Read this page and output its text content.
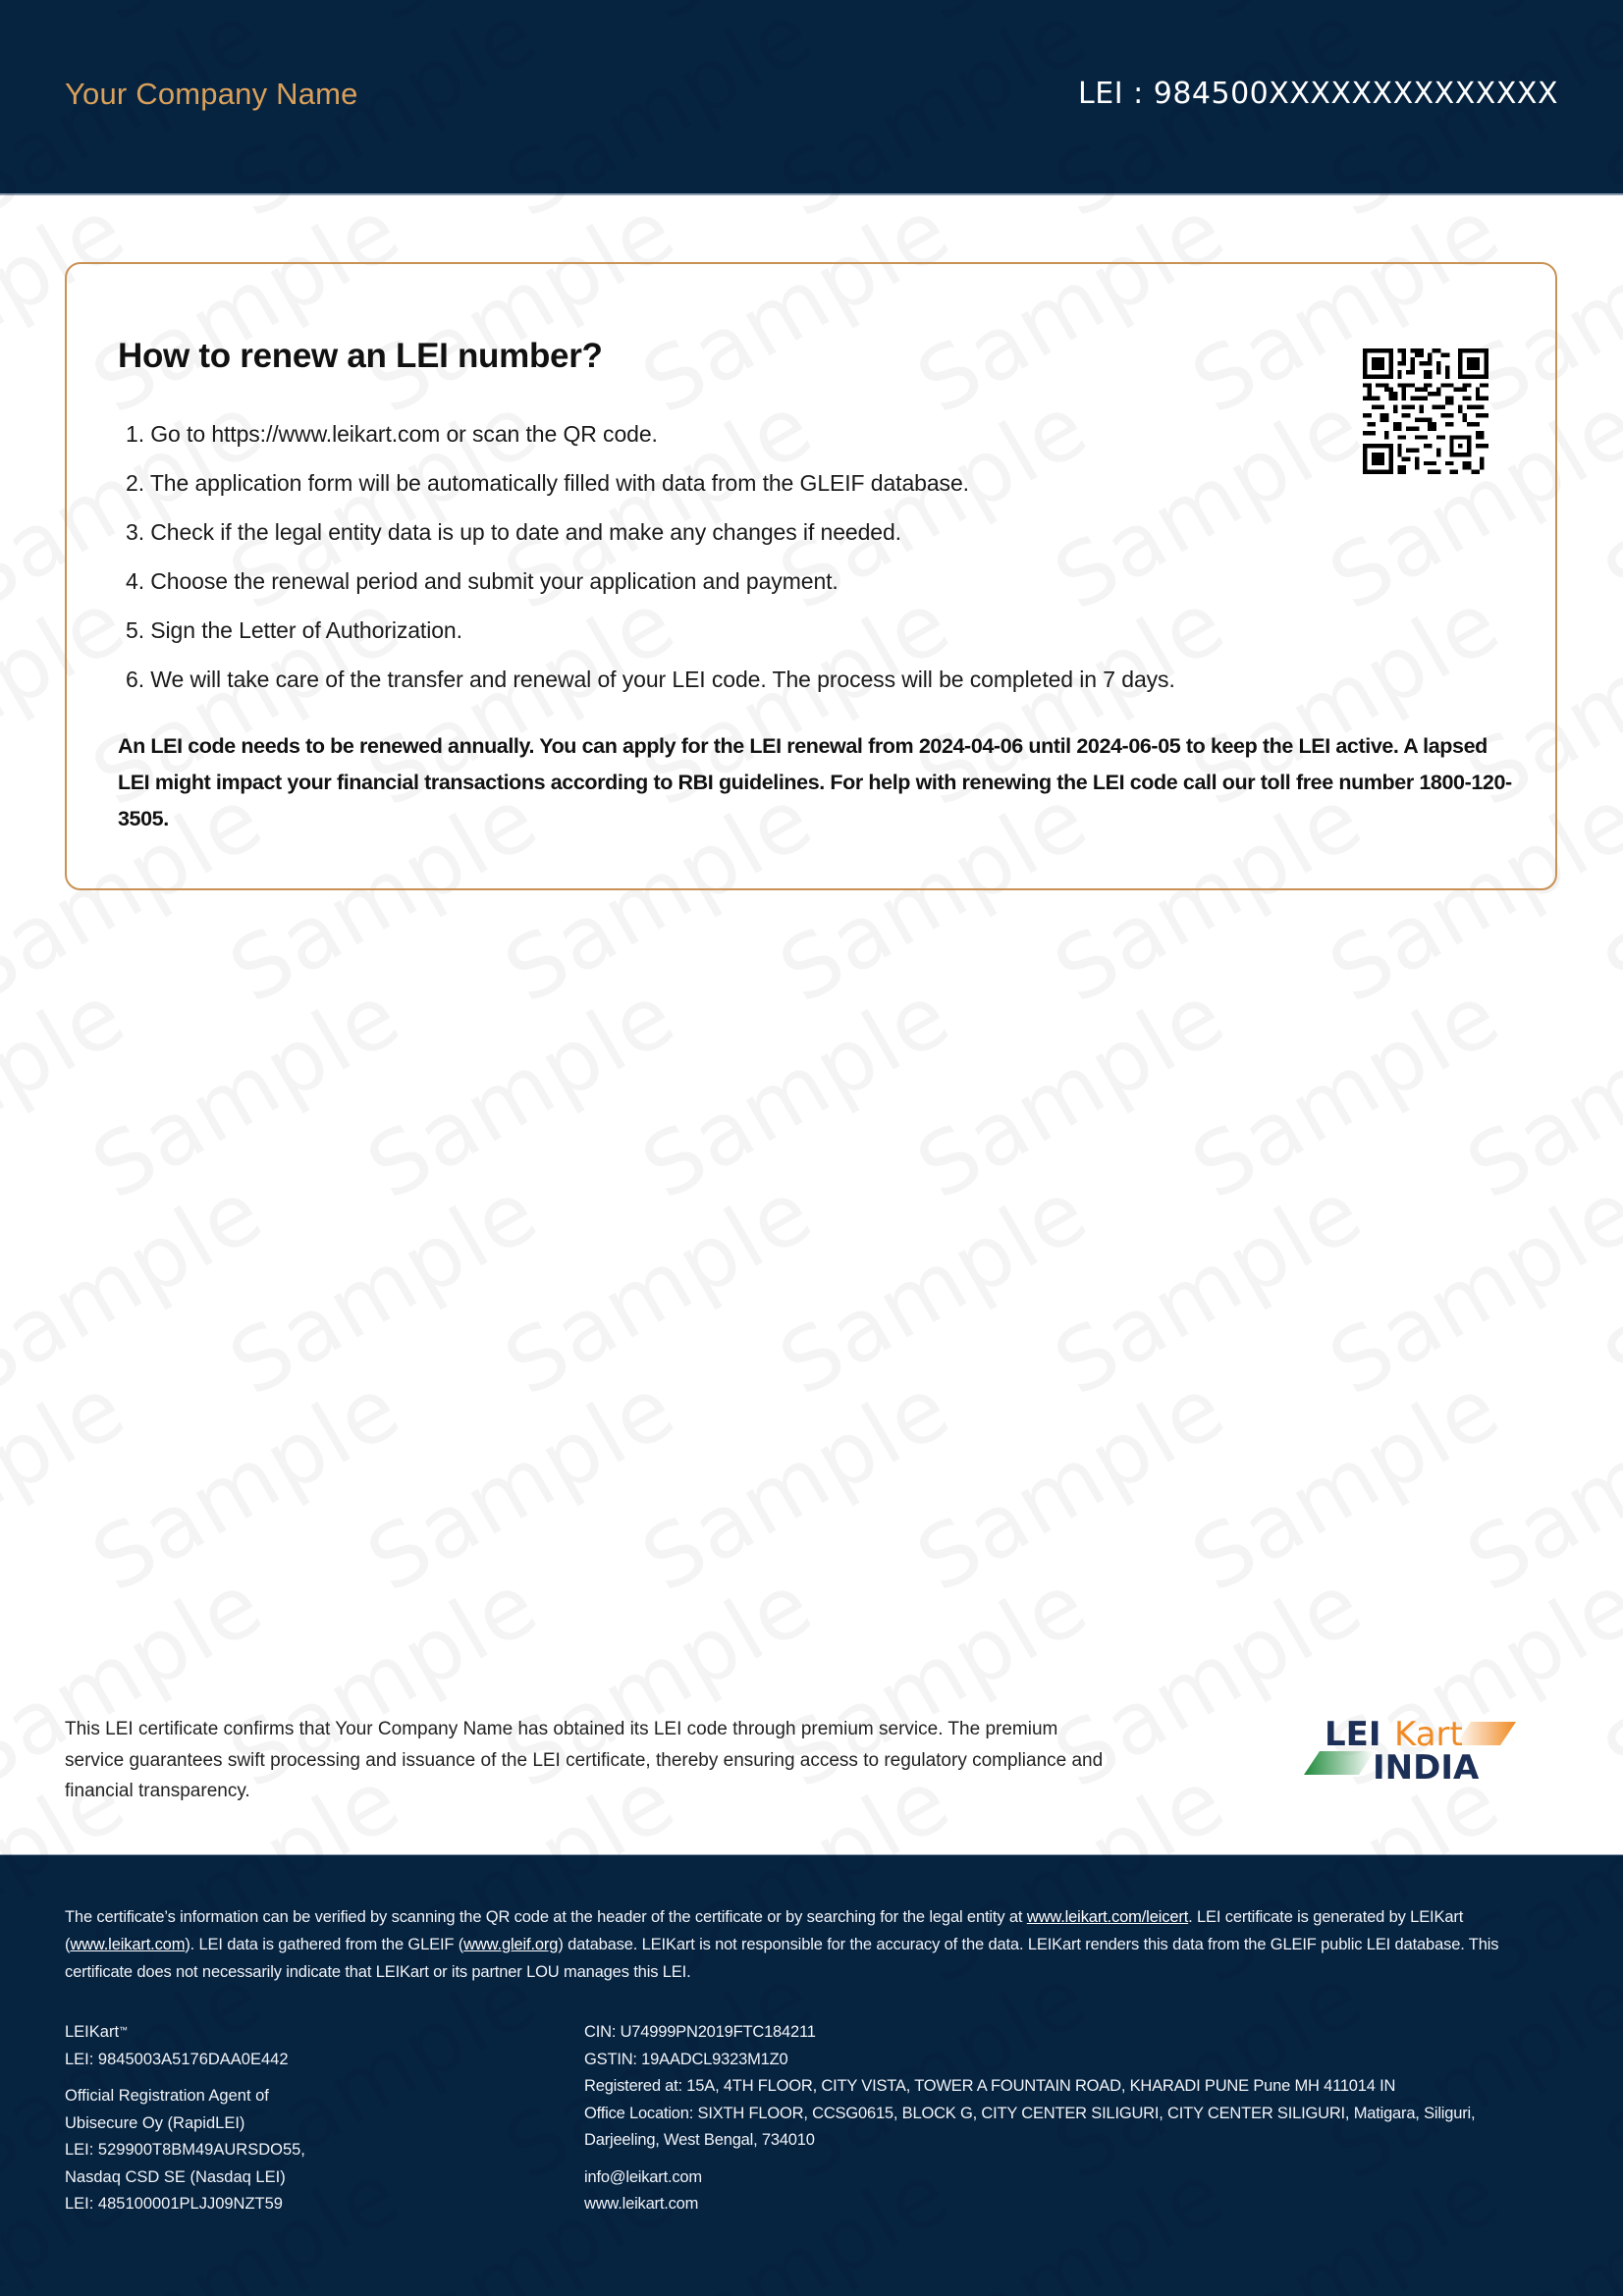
Your Company Name	LEI : 984500XXXXXXXXXXXXXX
How to renew an LEI number?
1. Go to https://www.leikart.com or scan the QR code.
2. The application form will be automatically filled with data from the GLEIF database.
3. Check if the legal entity data is up to date and make any changes if needed.
4. Choose the renewal period and submit your application and payment.
5. Sign the Letter of Authorization.
6. We will take care of the transfer and renewal of your LEI code. The process will be completed in 7 days.
An LEI code needs to be renewed annually. You can apply for the LEI renewal from 2024-04-06 until 2024-06-05 to keep the LEI active. A lapsed LEI might impact your financial transactions according to RBI guidelines. For help with renewing the LEI code call our toll free number 1800-120-3505.
This LEI certificate confirms that Your Company Name has obtained its LEI code through premium service. The premium service guarantees swift processing and issuance of the LEI certificate, thereby ensuring access to regulatory compliance and financial transparency.
LEI Kart
INDIA

The certificate’s information can be verified by scanning the QR code at the header of the certificate or by searching for the legal entity at www.leikart.com/leicert. LEI certificate is generated by LEIKart (www.leikart.com). LEI data is gathered from the GLEIF (www.gleif.org) database. LEIKart is not responsible for the accuracy of the data. LEIKart renders this data from the GLEIF public LEI database. This certificate does not necessarily indicate that LEIKart or its partner LOU manages this LEI.

LEIKart™
LEI: 9845003A5176DAA0E442
Official Registration Agent of
Ubisecure Oy (RapidLEI)
LEI: 529900T8BM49AURSDO55,
Nasdaq CSD SE (Nasdaq LEI)
LEI: 485100001PLJJ09NZT59
CIN: U74999PN2019FTC184211
GSTIN: 19AADCL9323M1Z0
Registered at: 15A, 4TH FLOOR, CITY VISTA, TOWER A FOUNTAIN ROAD, KHARADI PUNE Pune MH 411014 IN
Office Location: SIXTH FLOOR, CCSG0615, BLOCK G, CITY CENTER SILIGURI, CITY CENTER SILIGURI, Matigara, Siliguri,
Darjeeling, West Bengal, 734010
info@leikart.com
www.leikart.com
